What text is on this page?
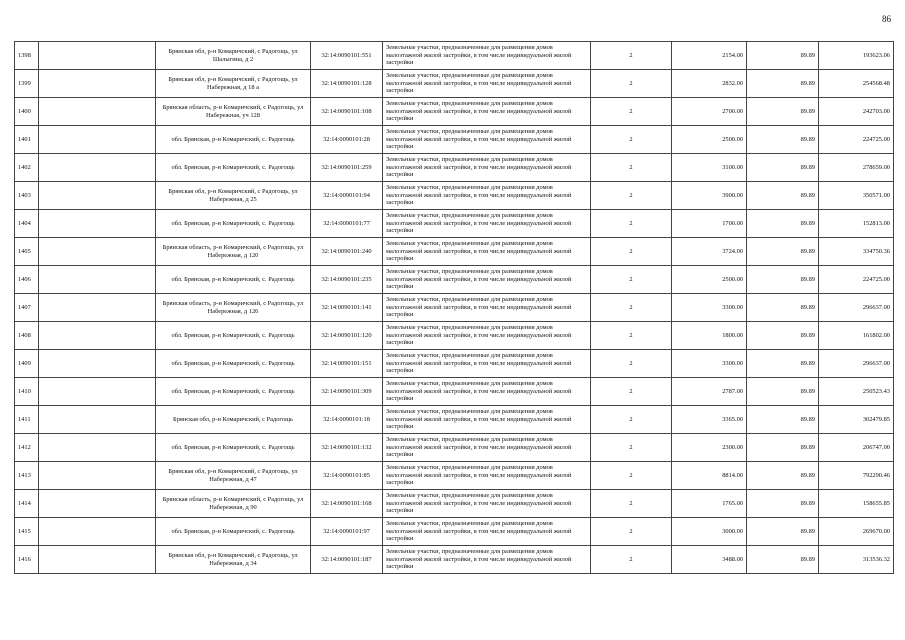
86
1398		Брянская обл, р-н Комаричский, с Радогощь, ул Шалыгина, д 2	32:14:0090101:551	Земельные участки, предназначенные для размещения домов малоэтажной жилой застройки, в том числе индивидуальной жилой застройки	2	2154.00	89.89	193623.06
1399		Брянская обл, р-н Комаричский, с Радогощь, ул Набережная, д 18 а	32:14:0090101:128	Земельные участки, предназначенные для размещения домов малоэтажной жилой застройки, в том числе индивидуальной жилой застройки	2	2832.00	89.89	254568.48
1400		Брянская область, р-н Комаричский, с Радогощь, ул Набережная, уч 128	32:14:0090101:108	Земельные участки, предназначенные для размещения домов малоэтажной жилой застройки, в том числе индивидуальной жилой застройки	2	2700.00	89.89	242703.00
1401		обл. Брянская, р-н Комаричский, с. Радогощь	32:14:0090101:28	Земельные участки, предназначенные для размещения домов малоэтажной жилой застройки, в том числе индивидуальной жилой застройки	2	2500.00	89.89	224725.00
1402		обл. Брянская, р-н Комаричский, с. Радогощь	32:14:0090101:259	Земельные участки, предназначенные для размещения домов малоэтажной жилой застройки, в том числе индивидуальной жилой застройки	2	3100.00	89.89	278659.00
1403		Брянская обл, р-н Комаричский, с Радогощь, ул Набережная, д 25	32:14:0090101:94	Земельные участки, предназначенные для размещения домов малоэтажной жилой застройки, в том числе индивидуальной жилой застройки	2	3900.00	89.89	350571.00
1404		обл. Брянская, р-н Комаричский, с. Радогощь	32:14:0090101:77	Земельные участки, предназначенные для размещения домов малоэтажной жилой застройки, в том числе индивидуальной жилой застройки	2	1700.00	89.89	152813.00
1405		Брянская область, р-н Комаричский, с Радогощь, ул Набережная, д 120	32:14:0090101:240	Земельные участки, предназначенные для размещения домов малоэтажной жилой застройки, в том числе индивидуальной жилой застройки	2	3724.00	89.89	334750.36
1406		обл. Брянская, р-н Комаричский, с. Радогощь	32:14:0090101:235	Земельные участки, предназначенные для размещения домов малоэтажной жилой застройки, в том числе индивидуальной жилой застройки	2	2500.00	89.89	224725.00
1407		Брянская область, р-н Комаричский, с Радогощь, ул Набережная, д 126	32:14:0090101:141	Земельные участки, предназначенные для размещения домов малоэтажной жилой застройки, в том числе индивидуальной жилой застройки	2	3300.00	89.89	296637.00
1408		обл. Брянская, р-н Комаричский, с. Радогощь	32:14:0090101:120	Земельные участки, предназначенные для размещения домов малоэтажной жилой застройки, в том числе индивидуальной жилой застройки	2	1800.00	89.89	161802.00
1409		обл. Брянская, р-н Комаричский, с. Радогощь	32:14:0090101:151	Земельные участки, предназначенные для размещения домов малоэтажной жилой застройки, в том числе индивидуальной жилой застройки	2	3300.00	89.89	296637.00
1410		обл. Брянская, р-н Комаричский, с. Радогощь	32:14:0090101:309	Земельные участки, предназначенные для размещения домов малоэтажной жилой застройки, в том числе индивидуальной жилой застройки	2	2787.00	89.89	250523.43
1411		Брянская обл, р-н Комаричский, с Радогощь	32:14:0090101:18	Земельные участки, предназначенные для размещения домов малоэтажной жилой застройки, в том числе индивидуальной жилой застройки	2	3365.00	89.89	302479.85
1412		обл. Брянская, р-н Комаричский, с. Радогощь	32:14:0090101:132	Земельные участки, предназначенные для размещения домов малоэтажной жилой застройки, в том числе индивидуальной жилой застройки	2	2300.00	89.89	206747.00
1413		Брянская обл, р-н Комаричский, с Радогощь, ул Набережная, д 47	32:14:0090101:85	Земельные участки, предназначенные для размещения домов малоэтажной жилой застройки, в том числе индивидуальной жилой застройки	2	8814.00	89.89	792290.46
1414		Брянская область, р-н Комаричский, с Радогощь, ул Набережная, д 90	32:14:0090101:168	Земельные участки, предназначенные для размещения домов малоэтажной жилой застройки, в том числе индивидуальной жилой застройки	2	1765.00	89.89	158655.85
1415		обл. Брянская, р-н Комаричский, с. Радогощь	32:14:0090101:97	Земельные участки, предназначенные для размещения домов малоэтажной жилой застройки, в том числе индивидуальной жилой застройки	2	3000.00	89.89	269670.00
1416		Брянская обл, р-н Комаричский, с Радогощь, ул Набережная, д 34	32:14:0090101:187	Земельные участки, предназначенные для размещения домов малоэтажной жилой застройки, в том числе индивидуальной жилой застройки	2	3488.00	89.89	313536.32
